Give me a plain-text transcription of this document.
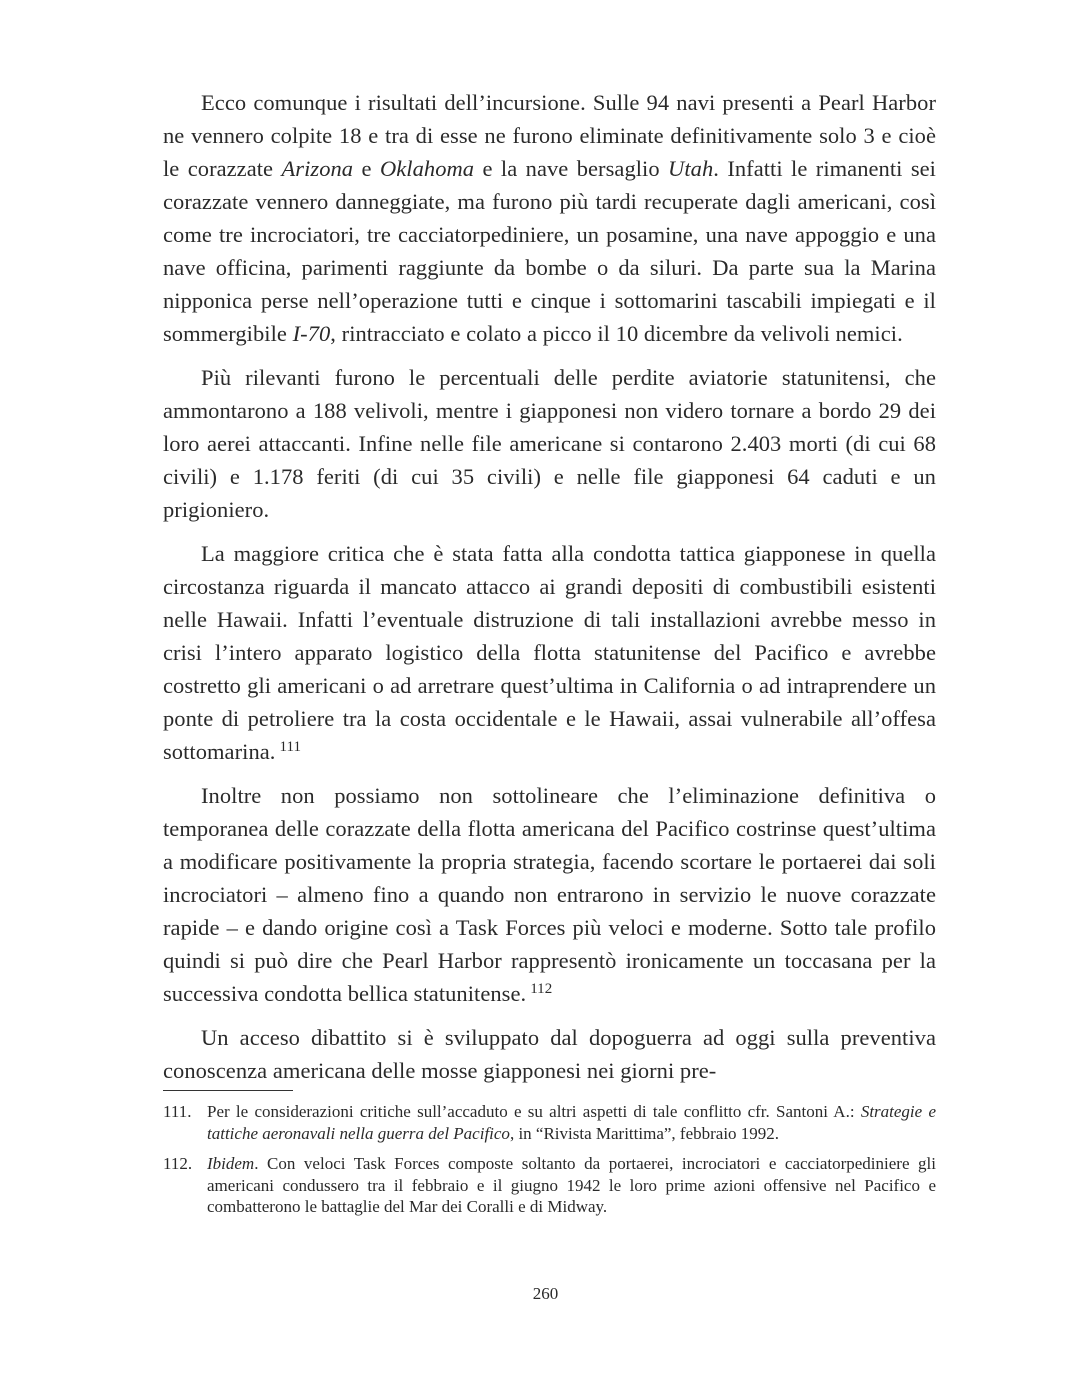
Ecco comunque i risultati dell’incursione. Sulle 94 navi presenti a Pearl Harbor ne vennero colpite 18 e tra di esse ne furono eliminate definitivamente solo 3 e cioè le corazzate Arizona e Oklahoma e la nave bersaglio Utah. Infatti le rimanenti sei corazzate vennero danneggiate, ma furono più tardi recuperate dagli americani, così come tre incrociatori, tre cacciatorpediniere, un posamine, una nave appoggio e una nave officina, parimenti raggiunte da bombe o da siluri. Da parte sua la Marina nipponica perse nell’operazione tutti e cinque i sottomarini tascabili impiegati e il sommergibile I-70, rintracciato e colato a picco il 10 dicembre da velivoli nemici.

Più rilevanti furono le percentuali delle perdite aviatorie statunitensi, che ammontarono a 188 velivoli, mentre i giapponesi non videro tornare a bordo 29 dei loro aerei attaccanti. Infine nelle file americane si contarono 2.403 morti (di cui 68 civili) e 1.178 feriti (di cui 35 civili) e nelle file giapponesi 64 caduti e un prigioniero.

La maggiore critica che è stata fatta alla condotta tattica giapponese in quella circostanza riguarda il mancato attacco ai grandi depositi di combustibili esistenti nelle Hawaii. Infatti l’eventuale distruzione di tali installazioni avrebbe messo in crisi l’intero apparato logistico della flotta statunitense del Pacifico e avrebbe costretto gli americani o ad arretrare quest’ultima in California o ad intraprendere un ponte di petroliere tra la costa occidentale e le Hawaii, assai vulnerabile all’offesa sottomarina. $^{111}$

Inoltre non possiamo non sottolineare che l’eliminazione definitiva o temporanea delle corazzate della flotta americana del Pacifico costrinse quest’ultima a modificare positivamente la propria strategia, facendo scortare le portaerei dai soli incrociatori – almeno fino a quando non entrarono in servizio le nuove corazzate rapide – e dando origine così a Task Forces più veloci e moderne. Sotto tale profilo quindi si può dire che Pearl Harbor rappresentò ironicamente un toccasana per la successiva condotta bellica statunitense. $^{112}$

Un acceso dibattito si è sviluppato dal dopoguerra ad oggi sulla preventiva conoscenza americana delle mosse giapponesi nei giorni pre-

111. Per le considerazioni critiche sull’accaduto e su altri aspetti di tale conflitto cfr. Santoni A.: Strategie e tattiche aeronavali nella guerra del Pacifico, in “Rivista Marittima”, febbraio 1992.
112. Ibidem. Con veloci Task Forces composte soltanto da portaerei, incrociatori e cacciatorpediniere gli americani condussero tra il febbraio e il giugno 1942 le loro prime azioni offensive nel Pacifico e combatterono le battaglie del Mar dei Coralli e di Midway.
260
